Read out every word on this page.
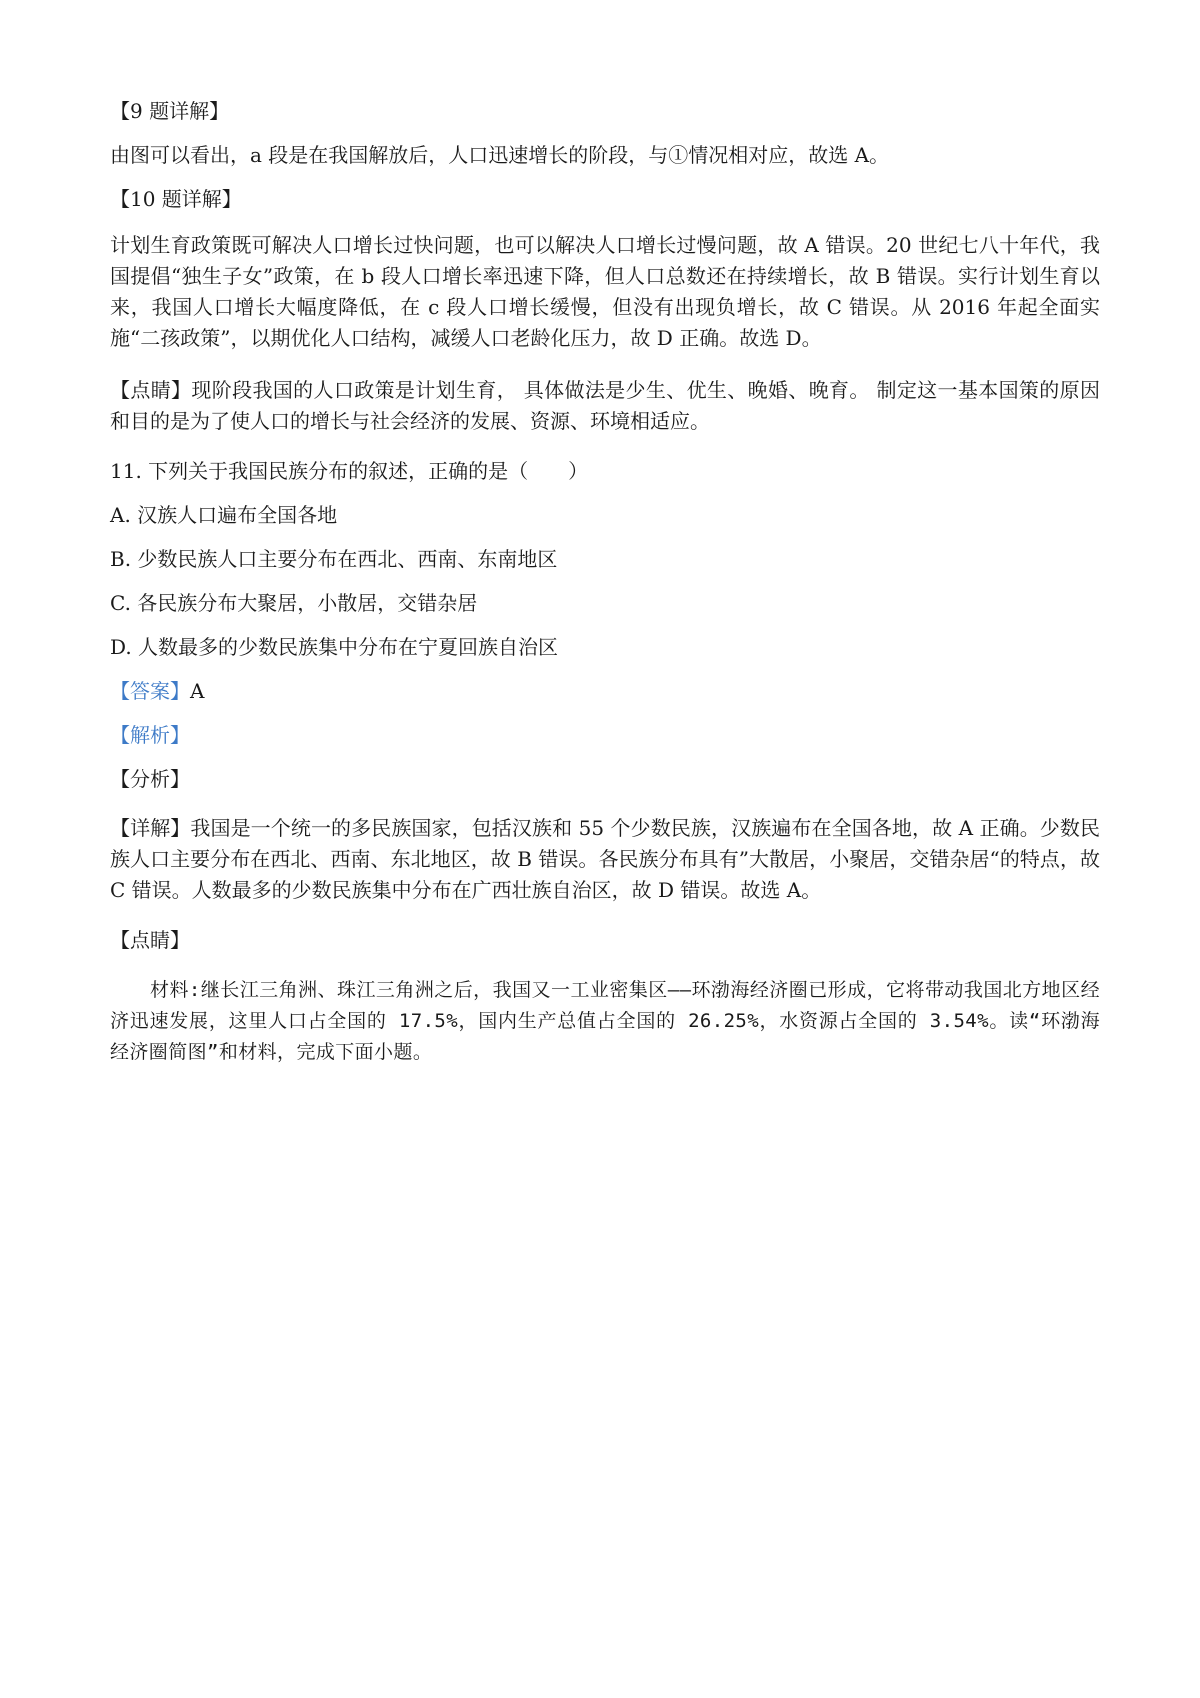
【9 题详解】

由图可以看出，a 段是在我国解放后，人口迅速增长的阶段，与①情况相对应，故选 A。

【10 题详解】

计划生育政策既可解决人口增长过快问题，也可以解决人口增长过慢问题，故 A 错误。20 世纪七八十年代，我国提倡“独生子女”政策，在 b 段人口增长率迅速下降，但人口总数还在持续增长，故 B 错误。实行计划生育以来，我国人口增长大幅度降低，在 c 段人口增长缓慢，但没有出现负增长，故 C 错误。从 2016 年起全面实施“二孩政策”，以期优化人口结构，减缓人口老龄化压力，故 D 正确。故选 D。

【点睛】现阶段我国的人口政策是计划生育， 具体做法是少生、优生、晚婚、晚育。 制定这一基本国策的原因和目的是为了使人口的增长与社会经济的发展、资源、环境相适应。

11. 下列关于我国民族分布的叙述，正确的是（　　）

A. 汉族人口遍布全国各地

B. 少数民族人口主要分布在西北、西南、东南地区

C. 各民族分布大聚居，小散居，交错杂居

D. 人数最多的少数民族集中分布在宁夏回族自治区

【答案】A

【解析】

【分析】

【详解】我国是一个统一的多民族国家，包括汉族和 55 个少数民族，汉族遍布在全国各地，故 A 正确。少数民族人口主要分布在西北、西南、东北地区，故 B 错误。各民族分布具有”大散居，小聚居，交错杂居“的特点，故 C 错误。人数最多的少数民族集中分布在广西壮族自治区，故 D 错误。故选 A。

【点睛】

材料:继长江三角洲、珠江三角洲之后，我国又一工业密集区——环渤海经济圈已形成，它将带动我国北方地区经济迅速发展，这里人口占全国的 17.5%，国内生产总值占全国的 26.25%，水资源占全国的 3.54%。读“环渤海经济圈简图”和材料，完成下面小题。
